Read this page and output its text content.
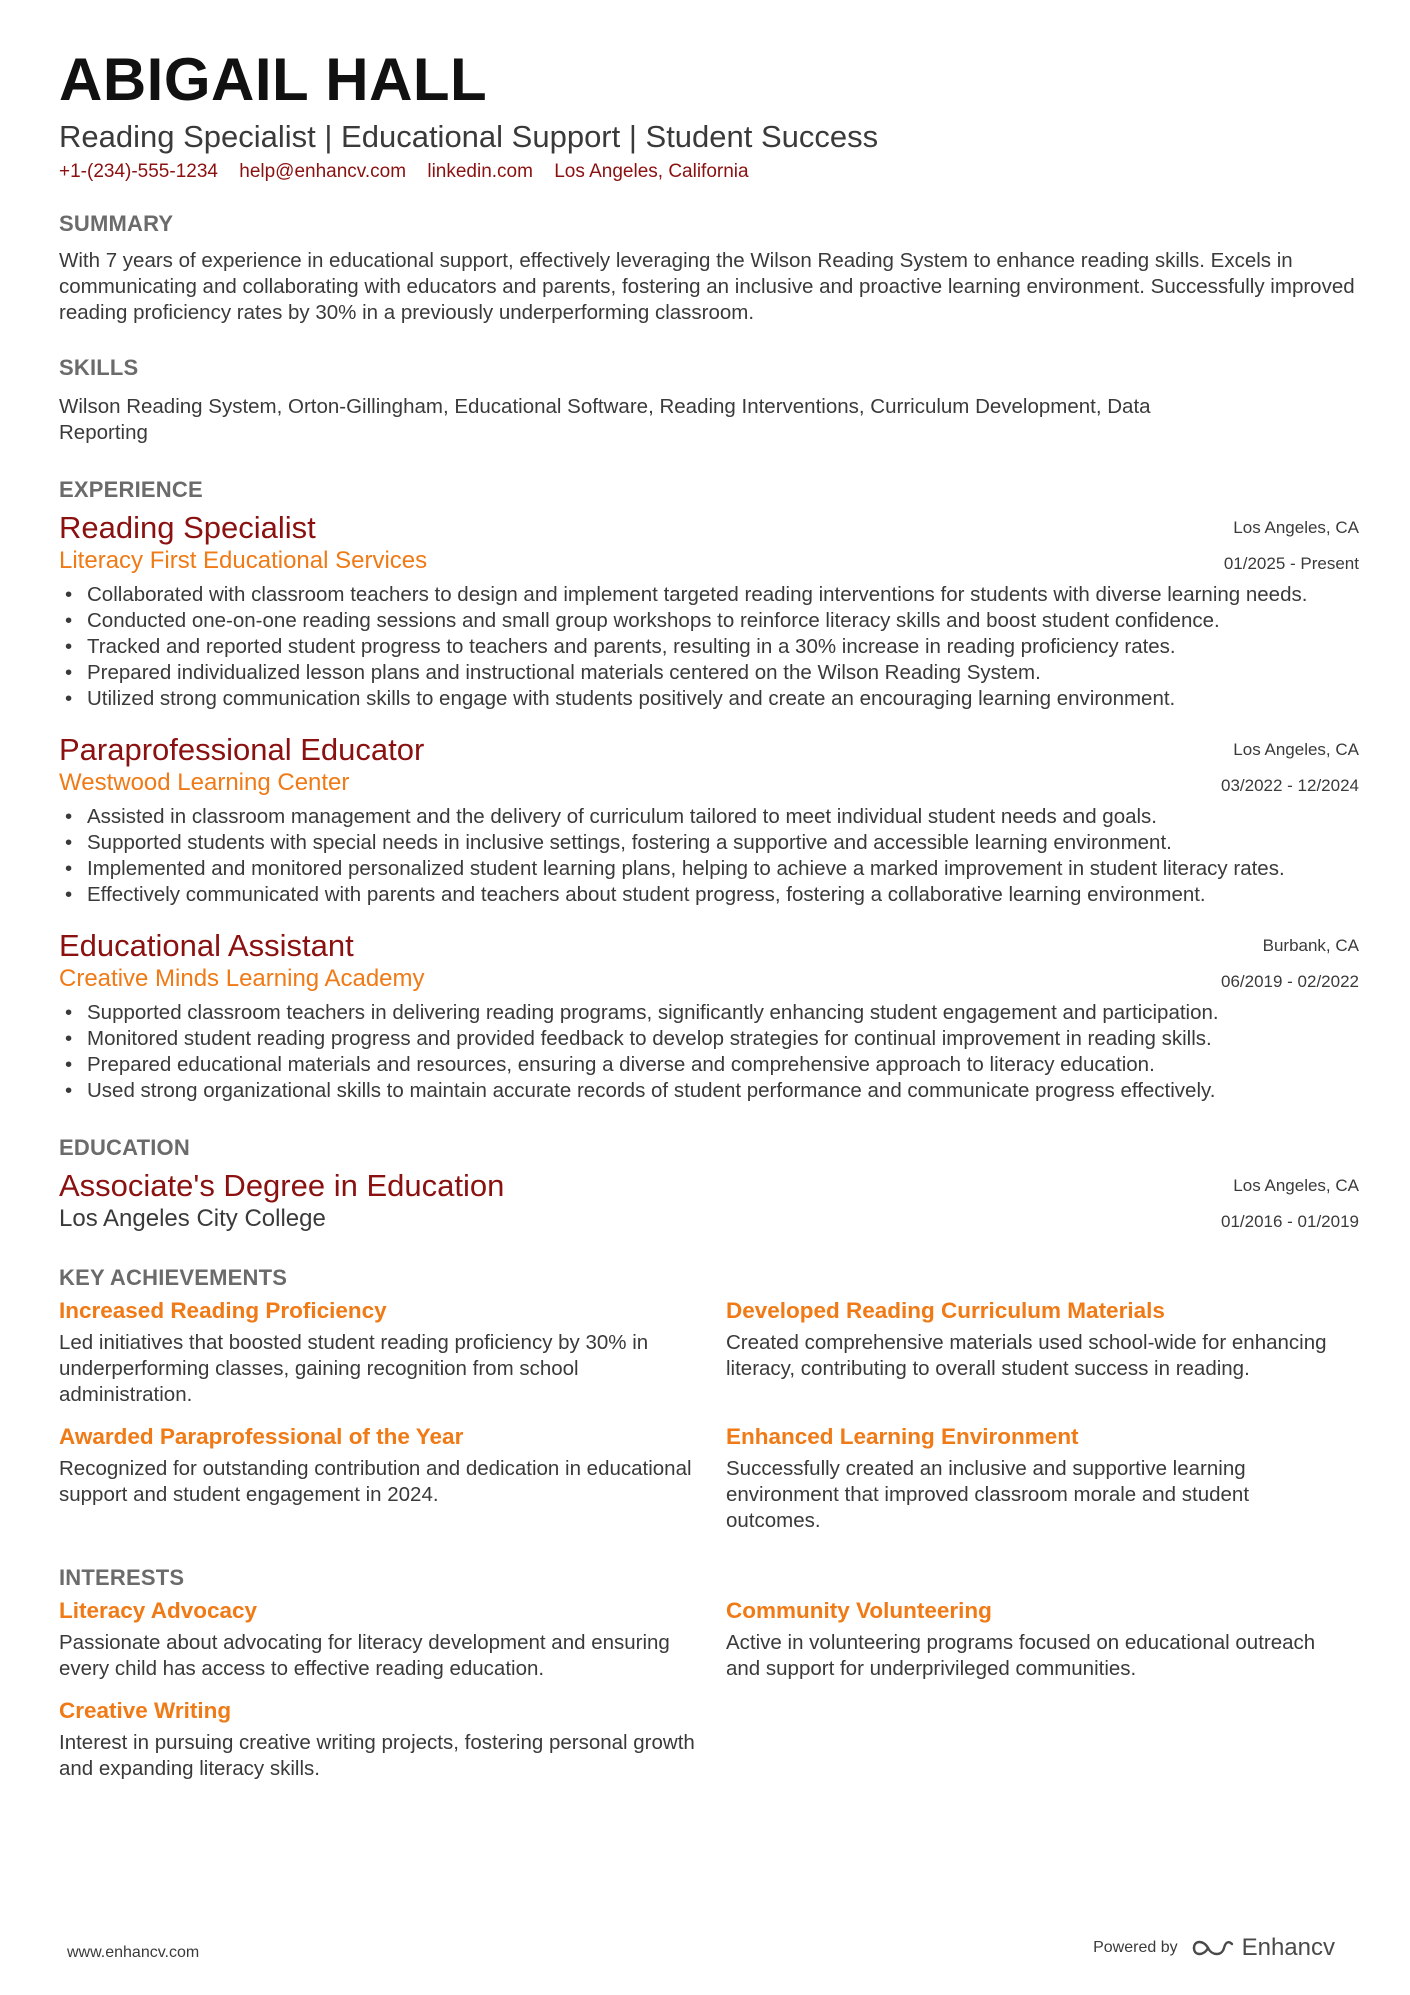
ABIGAIL HALL
Reading Specialist | Educational Support | Student Success
+1-(234)-555-1234 help@enhancv.com linkedin.com Los Angeles, California
SUMMARY
With 7 years of experience in educational support, effectively leveraging the Wilson Reading System to enhance reading skills. Excels in communicating and collaborating with educators and parents, fostering an inclusive and proactive learning environment. Successfully improved reading proficiency rates by 30% in a previously underperforming classroom.
SKILLS
Wilson Reading System, Orton-Gillingham, Educational Software, Reading Interventions, Curriculum Development, Data Reporting
EXPERIENCE
Reading Specialist
Literacy First Educational Services
Los Angeles, CA
01/2025 - Present
• Collaborated with classroom teachers to design and implement targeted reading interventions for students with diverse learning needs.
• Conducted one-on-one reading sessions and small group workshops to reinforce literacy skills and boost student confidence.
• Tracked and reported student progress to teachers and parents, resulting in a 30% increase in reading proficiency rates.
• Prepared individualized lesson plans and instructional materials centered on the Wilson Reading System.
• Utilized strong communication skills to engage with students positively and create an encouraging learning environment.
Paraprofessional Educator
Westwood Learning Center
Los Angeles, CA
03/2022 - 12/2024
• Assisted in classroom management and the delivery of curriculum tailored to meet individual student needs and goals.
• Supported students with special needs in inclusive settings, fostering a supportive and accessible learning environment.
• Implemented and monitored personalized student learning plans, helping to achieve a marked improvement in student literacy rates.
• Effectively communicated with parents and teachers about student progress, fostering a collaborative learning environment.
Educational Assistant
Creative Minds Learning Academy
Burbank, CA
06/2019 - 02/2022
• Supported classroom teachers in delivering reading programs, significantly enhancing student engagement and participation.
• Monitored student reading progress and provided feedback to develop strategies for continual improvement in reading skills.
• Prepared educational materials and resources, ensuring a diverse and comprehensive approach to literacy education.
• Used strong organizational skills to maintain accurate records of student performance and communicate progress effectively.
EDUCATION
Associate's Degree in Education
Los Angeles City College
Los Angeles, CA
01/2016 - 01/2019
KEY ACHIEVEMENTS
Increased Reading Proficiency
Led initiatives that boosted student reading proficiency by 30% in underperforming classes, gaining recognition from school administration.
Developed Reading Curriculum Materials
Created comprehensive materials used school-wide for enhancing literacy, contributing to overall student success in reading.
Awarded Paraprofessional of the Year
Recognized for outstanding contribution and dedication in educational support and student engagement in 2024.
Enhanced Learning Environment
Successfully created an inclusive and supportive learning environment that improved classroom morale and student outcomes.
INTERESTS
Literacy Advocacy
Passionate about advocating for literacy development and ensuring every child has access to effective reading education.
Community Volunteering
Active in volunteering programs focused on educational outreach and support for underprivileged communities.
Creative Writing
Interest in pursuing creative writing projects, fostering personal growth and expanding literacy skills.
www.enhancv.com	Powered by	Enhancv
